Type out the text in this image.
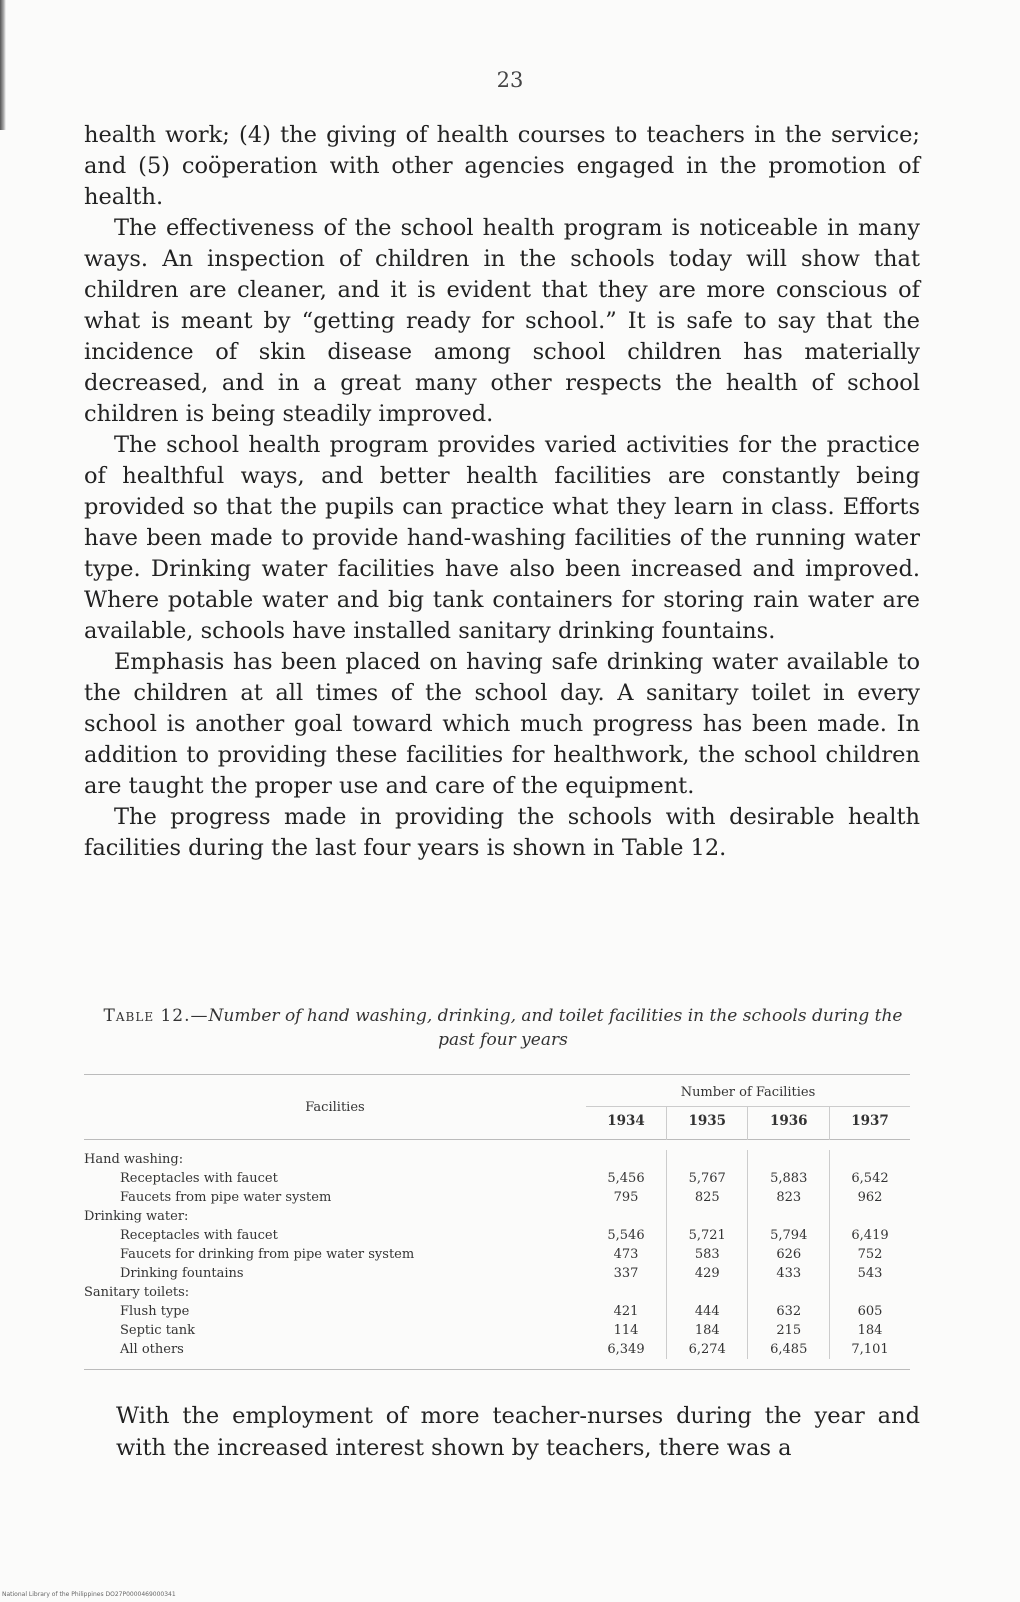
23

health work; (4) the giving of health courses to teachers in the service; and (5) coöperation with other agencies engaged in the promotion of health.

The effectiveness of the school health program is noticeable in many ways. An inspection of children in the schools today will show that children are cleaner, and it is evident that they are more conscious of what is meant by “getting ready for school.” It is safe to say that the incidence of skin disease among school children has materially decreased, and in a great many other respects the health of school children is being steadily improved.

The school health program provides varied activities for the practice of healthful ways, and better health facilities are constantly being provided so that the pupils can practice what they learn in class. Efforts have been made to provide hand-washing facilities of the running water type. Drinking water facilities have also been increased and improved. Where potable water and big tank containers for storing rain water are available, schools have installed sanitary drinking fountains.

Emphasis has been placed on having safe drinking water available to the children at all times of the school day. A sanitary toilet in every school is another goal toward which much progress has been made. In addition to providing these facilities for healthwork, the school children are taught the proper use and care of the equipment.

The progress made in providing the schools with desirable health facilities during the last four years is shown in Table 12.

Table 12.—Number of hand washing, drinking, and toilet facilities in the schools during the past four years
Facilities	Number of Facilities			
	1934	1935	1936	1937

Hand washing:				
Receptacles with faucet	5,456	5,767	5,883	6,542
Faucets from pipe water system	795	825	823	962
Drinking water:				
Receptacles with faucet	5,546	5,721	5,794	6,419
Faucets for drinking from pipe water system	473	583	626	752
Drinking fountains	337	429	433	543
Sanitary toilets:				
Flush type	421	444	632	605
Septic tank	114	184	215	184
All others	6,349	6,274	6,485	7,101

With the employment of more teacher-nurses during the year and with the increased interest shown by teachers, there was a
National Library of the Philippines DO27P0000469000341
